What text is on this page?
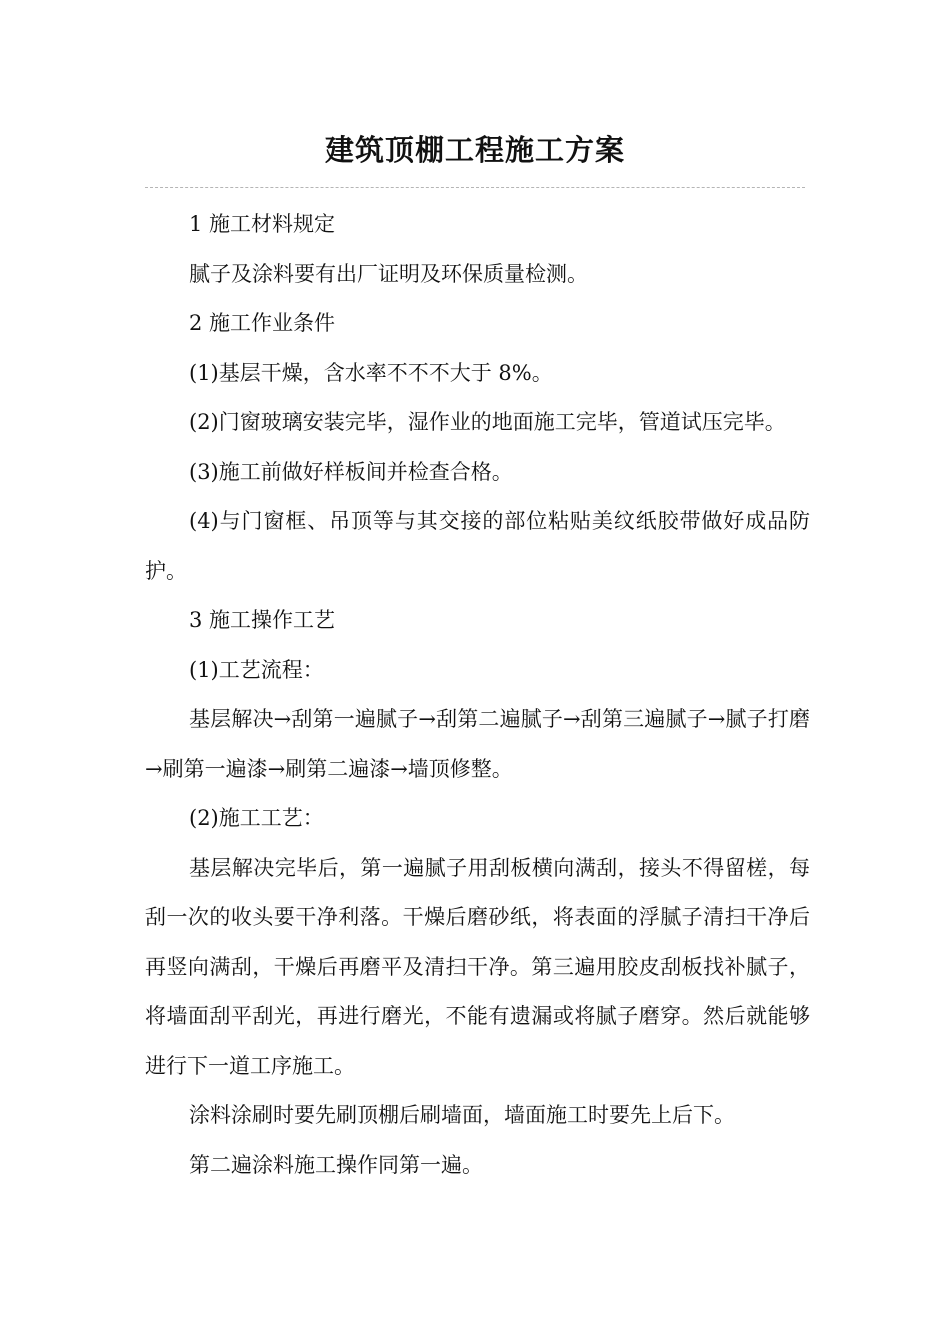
建筑顶棚工程施工方案

1 施工材料规定

腻子及涂料要有出厂证明及环保质量检测。

2 施工作业条件

(1)基层干燥，含水率不不不大于 8%。

(2)门窗玻璃安装完毕，湿作业的地面施工完毕，管道试压完毕。

(3)施工前做好样板间并检查合格。

(4)与门窗框、吊顶等与其交接的部位粘贴美纹纸胶带做好成品防护。

3 施工操作工艺

(1)工艺流程：

基层解决→刮第一遍腻子→刮第二遍腻子→刮第三遍腻子→腻子打磨→刷第一遍漆→刷第二遍漆→墙顶修整。

(2)施工工艺：

基层解决完毕后，第一遍腻子用刮板横向满刮，接头不得留槎，每刮一次的收头要干净利落。干燥后磨砂纸，将表面的浮腻子清扫干净后再竖向满刮，干燥后再磨平及清扫干净。第三遍用胶皮刮板找补腻子，将墙面刮平刮光，再进行磨光，不能有遗漏或将腻子磨穿。然后就能够进行下一道工序施工。

涂料涂刷时要先刷顶棚后刷墙面，墙面施工时要先上后下。

第二遍涂料施工操作同第一遍。
